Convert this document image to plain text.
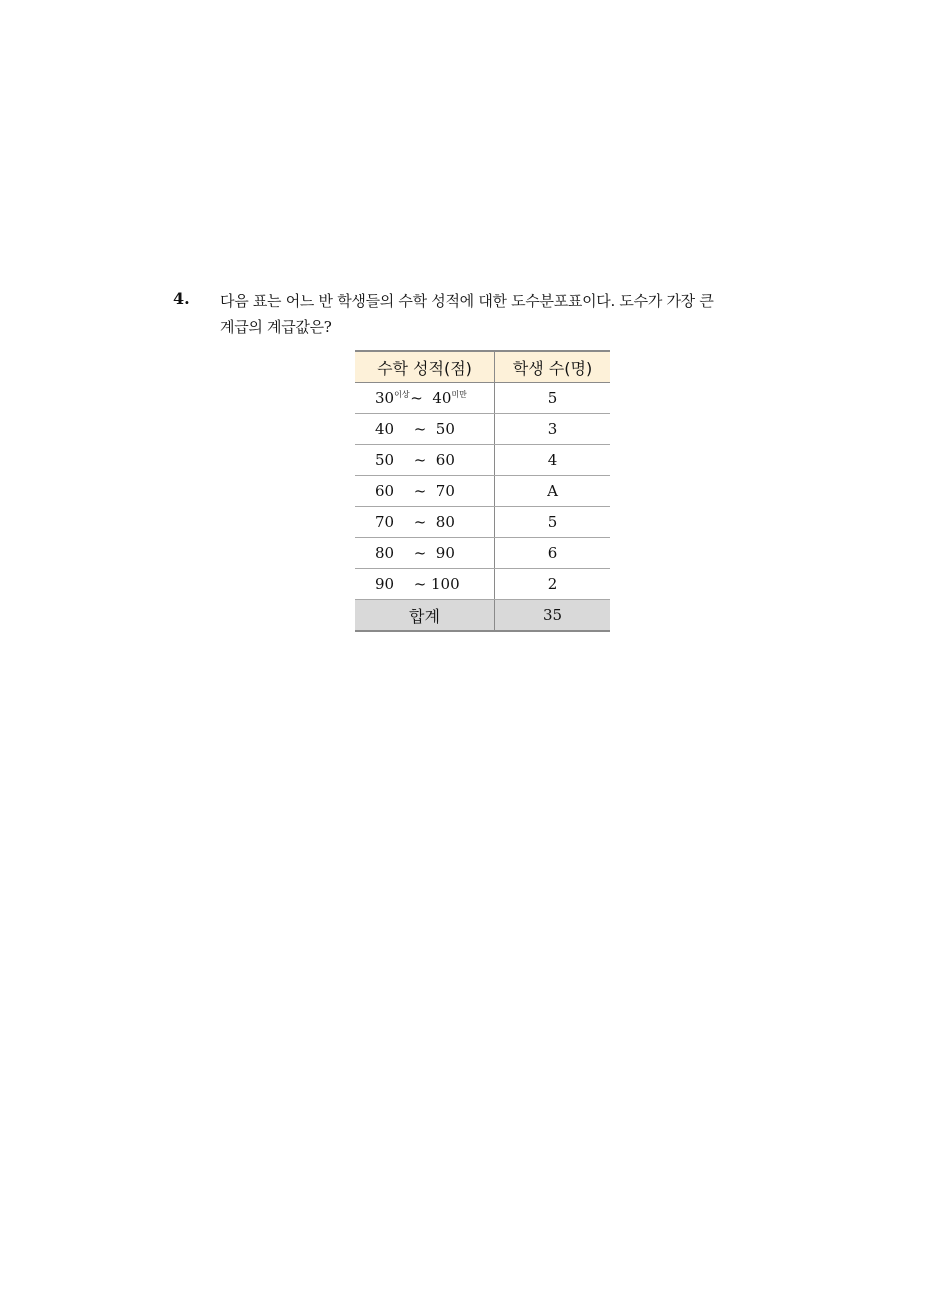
4. 다음 표는 어느 반 학생들의 수학 성적에 대한 도수분포표이다. 도수가 가장 큰
계급의 계급값은?
수학 성적(점)	학생 수(명)
$30^{이상}\sim$ $40^{미만}$	5
40 ~ 50	3
50 ~ 60	4
60 ~ 70	A
70 ~ 80	5
80 ~ 90	6
90 ~ 100	2
합계	35
